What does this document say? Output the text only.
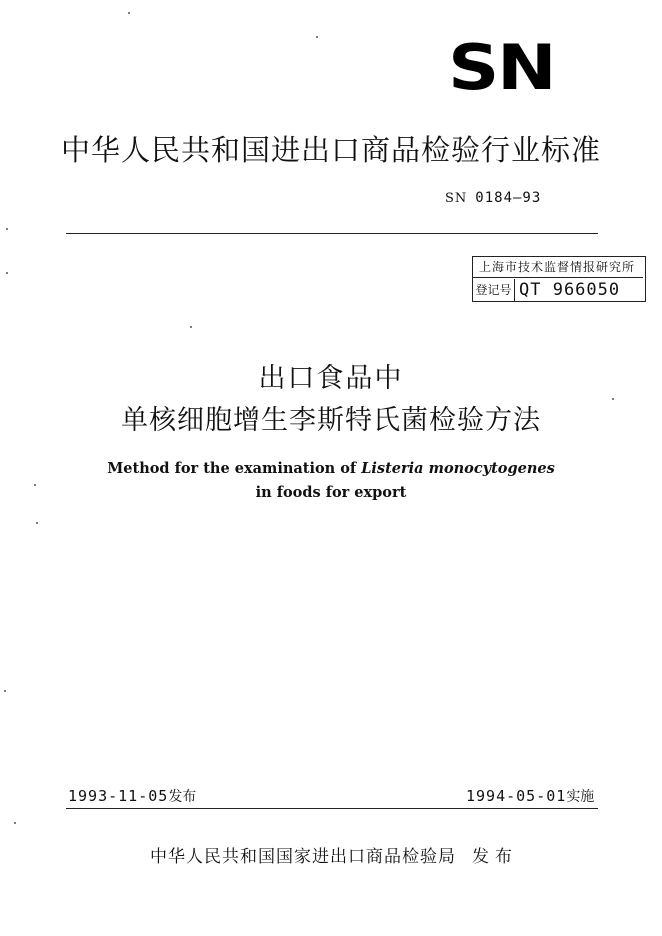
SN
中华人民共和国进出口商品检验行业标准
SN 0184—93
上海市技术监督情报研究所
登记号 QT 966050
出口食品中
单核细胞增生李斯特氏菌检验方法
Method for the examination of Listeria monocytogenes
in foods for export
1993-11-05发布	1994-05-01实施
中华人民共和国国家进出口商品检验局 发布
